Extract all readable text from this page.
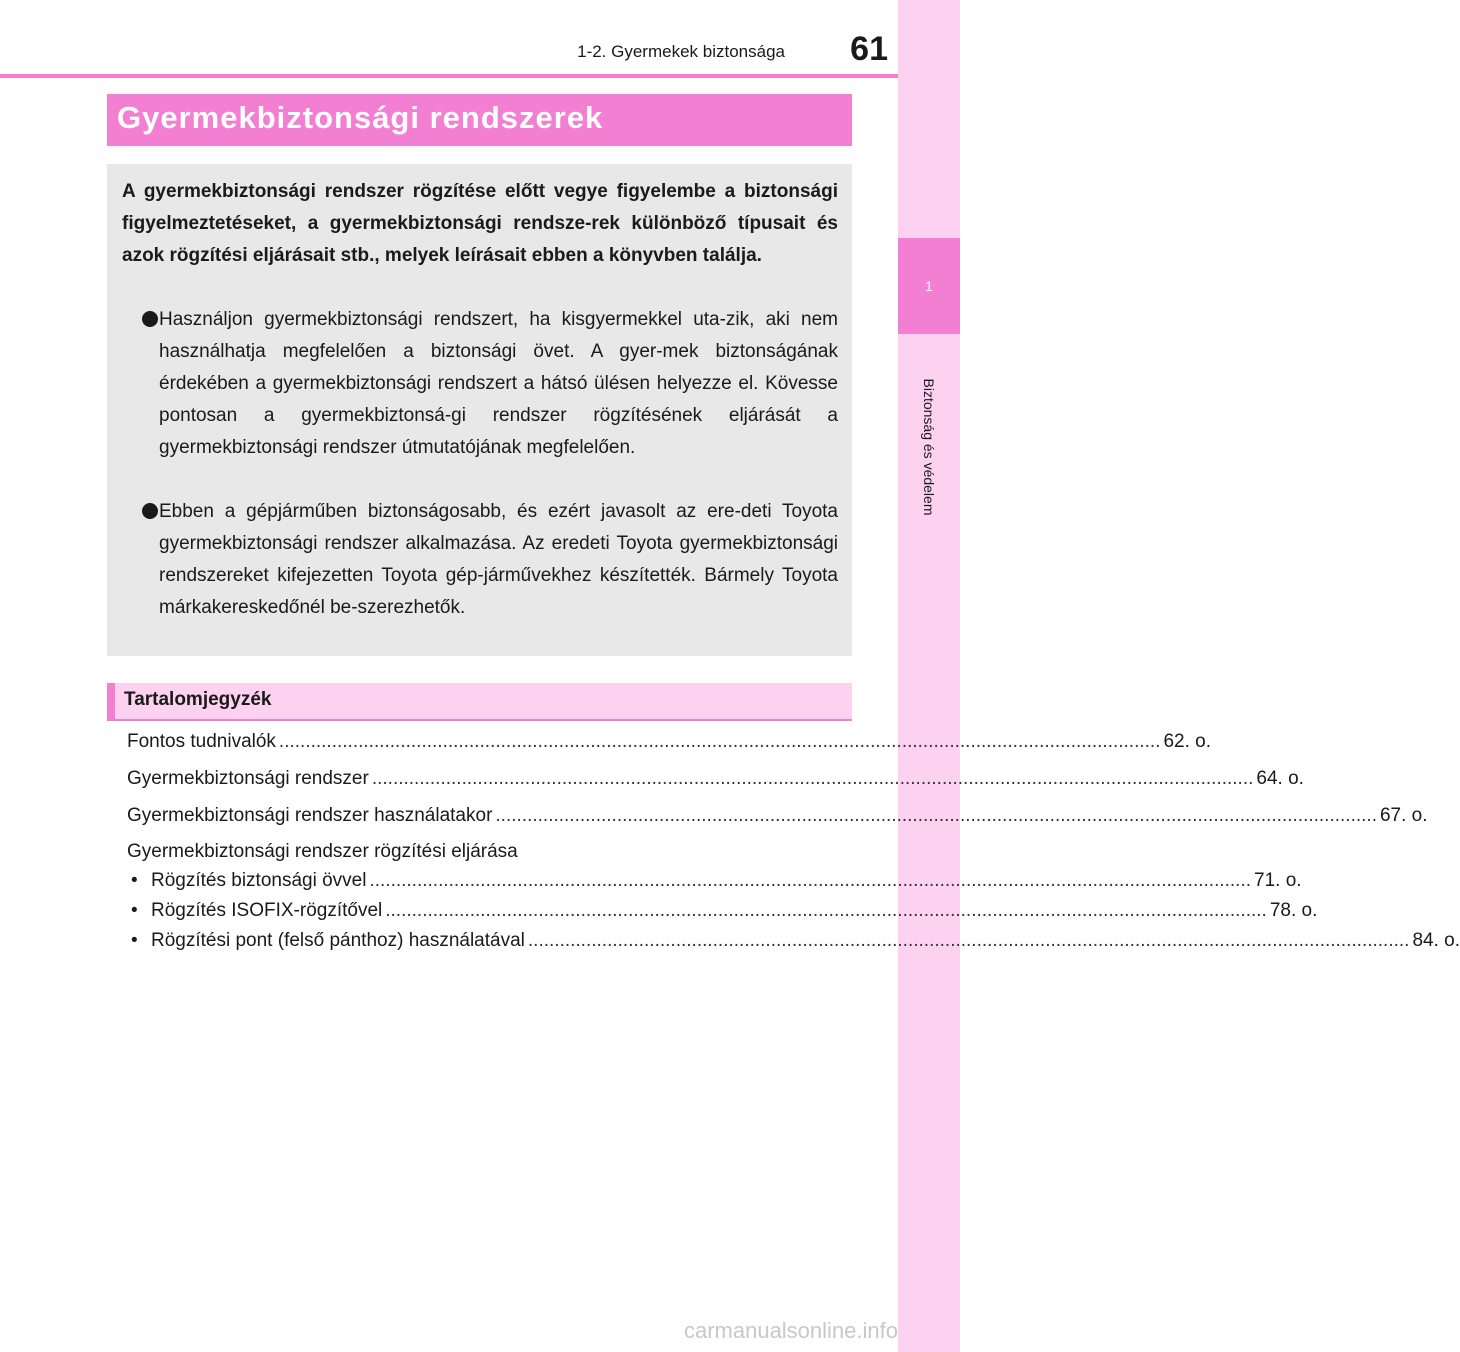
1-2. Gyermekek biztonsága	61
1
Biztonság és védelem
Gyermekbiztonsági rendszerek
A gyermekbiztonsági rendszer rögzítése előtt vegye figyelembe a biztonsági figyelmeztetéseket, a gyermekbiztonsági rendsze-rek különböző típusait és azok rögzítési eljárásait stb., melyek leírásait ebben a könyvben találja.
Használjon gyermekbiztonsági rendszert, ha kisgyermekkel uta-zik, aki nem használhatja megfelelően a biztonsági övet. A gyer-mek biztonságának érdekében a gyermekbiztonsági rendszert a hátsó ülésen helyezze el. Kövesse pontosan a gyermekbiztonsá-gi rendszer rögzítésének eljárását a gyermekbiztonsági rendszer útmutatójának megfelelően.
Ebben a gépjárműben biztonságosabb, és ezért javasolt az ere-deti Toyota gyermekbiztonsági rendszer alkalmazása. Az eredeti Toyota gyermekbiztonsági rendszereket kifejezetten Toyota gép-járművekhez készítették. Bármely Toyota márkakereskedőnél be-szerezhetők.
Tartalomjegyzék
Fontos tudnivalók ....................................................................................................................................................................... 62. o.
Gyermekbiztonsági rendszer ....................................................................................................................................................................... 64. o.
Gyermekbiztonsági rendszer használatakor ....................................................................................................................................................................... 67. o.
Gyermekbiztonsági rendszer rögzítési eljárása
• Rögzítés biztonsági övvel ....................................................................................................................................................................... 71. o.
• Rögzítés ISOFIX-rögzítővel ....................................................................................................................................................................... 78. o.
• Rögzítési pont (felső pánthoz) használatával ....................................................................................................................................................................... 84. o.
carmanualsonline.info
